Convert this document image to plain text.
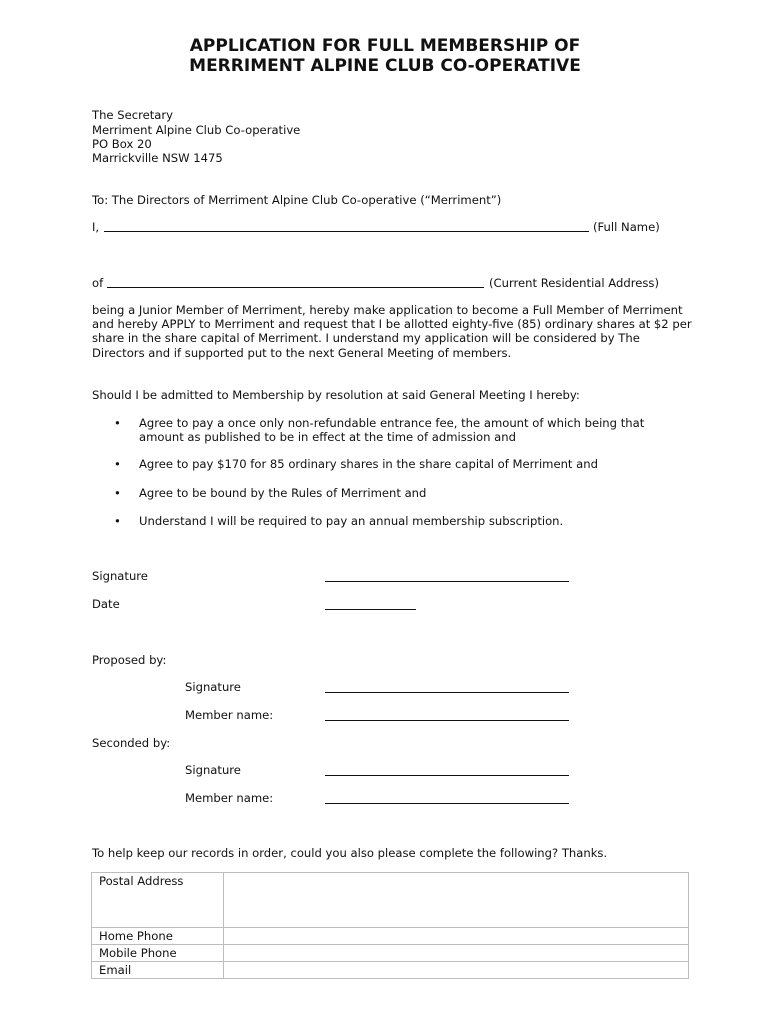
APPLICATION FOR FULL MEMBERSHIP OF
MERRIMENT ALPINE CLUB CO-OPERATIVE
The Secretary
Merriment Alpine Club Co-operative
PO Box 20
Marrickville NSW 1475
To: The Directors of Merriment Alpine Club Co-operative (“Merriment”)
I,	(Full Name)
of	(Current Residential Address)
being a Junior Member of Merriment, hereby make application to become a Full Member of Merriment and hereby APPLY to Merriment and request that I be allotted eighty-five (85) ordinary shares at $2 per share in the share capital of Merriment. I understand my application will be considered by The Directors and if supported put to the next General Meeting of members.
Should I be admitted to Membership by resolution at said General Meeting I hereby:
• Agree to pay a once only non-refundable entrance fee, the amount of which being that amount as published to be in effect at the time of admission and
• Agree to pay $170 for 85 ordinary shares in the share capital of Merriment and
• Agree to be bound by the Rules of Merriment and
• Understand I will be required to pay an annual membership subscription.
Signature
Date
Proposed by:
Signature
Member name:
Seconded by:
Signature
Member name:
To help keep our records in order, could you also please complete the following? Thanks.
Postal Address	
Home Phone	
Mobile Phone	
Email	
